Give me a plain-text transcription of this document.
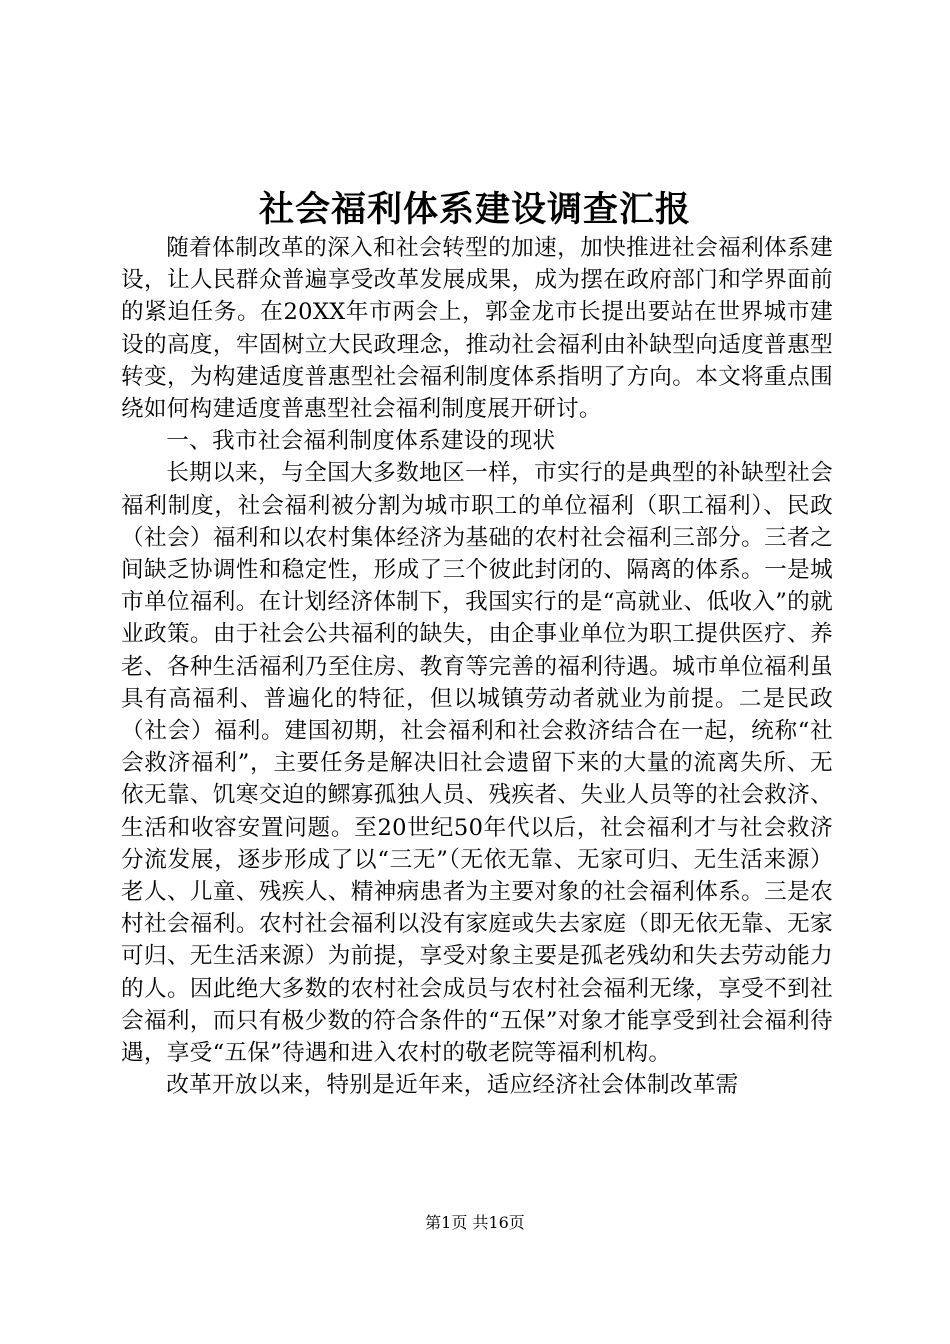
社会福利体系建设调查汇报

随着体制改革的深入和社会转型的加速，加快推进社会福利体系建设，让人民群众普遍享受改革发展成果，成为摆在政府部门和学界面前的紧迫任务。在20XX年市两会上，郭金龙市长提出要站在世界城市建设的高度，牢固树立大民政理念，推动社会福利由补缺型向适度普惠型转变，为构建适度普惠型社会福利制度体系指明了方向。本文将重点围绕如何构建适度普惠型社会福利制度展开研讨。

一、我市社会福利制度体系建设的现状

长期以来，与全国大多数地区一样，市实行的是典型的补缺型社会福利制度，社会福利被分割为城市职工的单位福利（职工福利）、民政（社会）福利和以农村集体经济为基础的农村社会福利三部分。三者之间缺乏协调性和稳定性，形成了三个彼此封闭的、隔离的体系。一是城市单位福利。在计划经济体制下，我国实行的是“高就业、低收入”的就业政策。由于社会公共福利的缺失，由企事业单位为职工提供医疗、养老、各种生活福利乃至住房、教育等完善的福利待遇。城市单位福利虽具有高福利、普遍化的特征，但以城镇劳动者就业为前提。二是民政（社会）福利。建国初期，社会福利和社会救济结合在一起，统称“社会救济福利”，主要任务是解决旧社会遗留下来的大量的流离失所、无依无靠、饥寒交迫的鳏寡孤独人员、残疾者、失业人员等的社会救济、生活和收容安置问题。至20世纪50年代以后，社会福利才与社会救济分流发展，逐步形成了以“三无”（无依无靠、无家可归、无生活来源）老人、儿童、残疾人、精神病患者为主要对象的社会福利体系。三是农村社会福利。农村社会福利以没有家庭或失去家庭（即无依无靠、无家可归、无生活来源）为前提，享受对象主要是孤老残幼和失去劳动能力的人。因此绝大多数的农村社会成员与农村社会福利无缘，享受不到社会福利，而只有极少数的符合条件的“五保”对象才能享受到社会福利待遇，享受“五保”待遇和进入农村的敬老院等福利机构。

改革开放以来，特别是近年来，适应经济社会体制改革需

第1页 共16页
